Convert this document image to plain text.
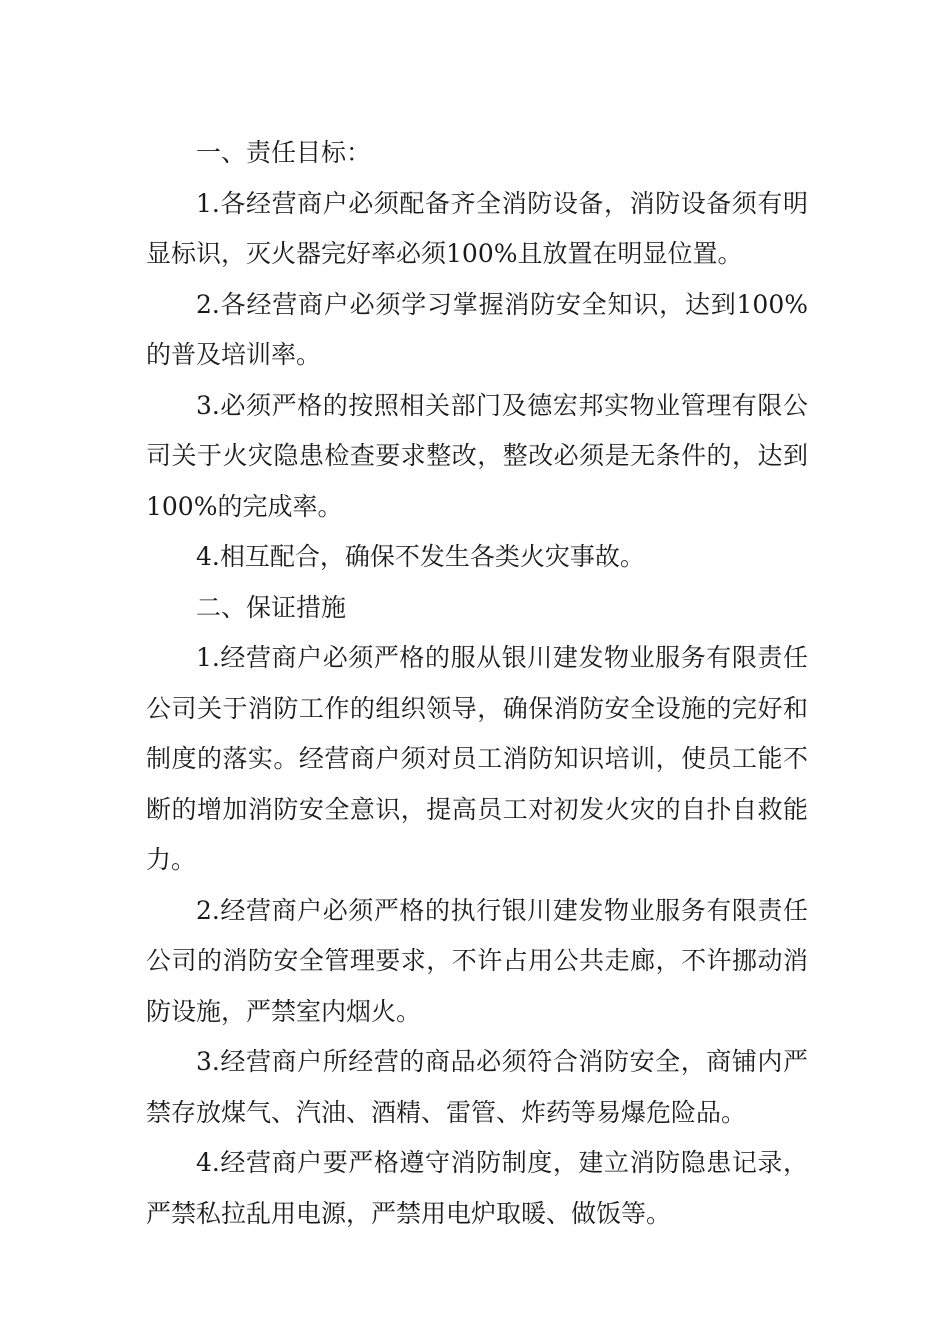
一、责任目标：

1.各经营商户必须配备齐全消防设备，消防设备须有明显标识，灭火器完好率必须100%且放置在明显位置。

2.各经营商户必须学习掌握消防安全知识，达到100%的普及培训率。

3.必须严格的按照相关部门及德宏邦实物业管理有限公司关于火灾隐患检查要求整改，整改必须是无条件的，达到100%的完成率。

4.相互配合，确保不发生各类火灾事故。

二、保证措施

1.经营商户必须严格的服从银川建发物业服务有限责任公司关于消防工作的组织领导，确保消防安全设施的完好和制度的落实。经营商户须对员工消防知识培训，使员工能不断的增加消防安全意识，提高员工对初发火灾的自扑自救能力。

2.经营商户必须严格的执行银川建发物业服务有限责任公司的消防安全管理要求，不许占用公共走廊，不许挪动消防设施，严禁室内烟火。

3.经营商户所经营的商品必须符合消防安全，商铺内严禁存放煤气、汽油、酒精、雷管、炸药等易爆危险品。

4.经营商户要严格遵守消防制度，建立消防隐患记录，严禁私拉乱用电源，严禁用电炉取暖、做饭等。
